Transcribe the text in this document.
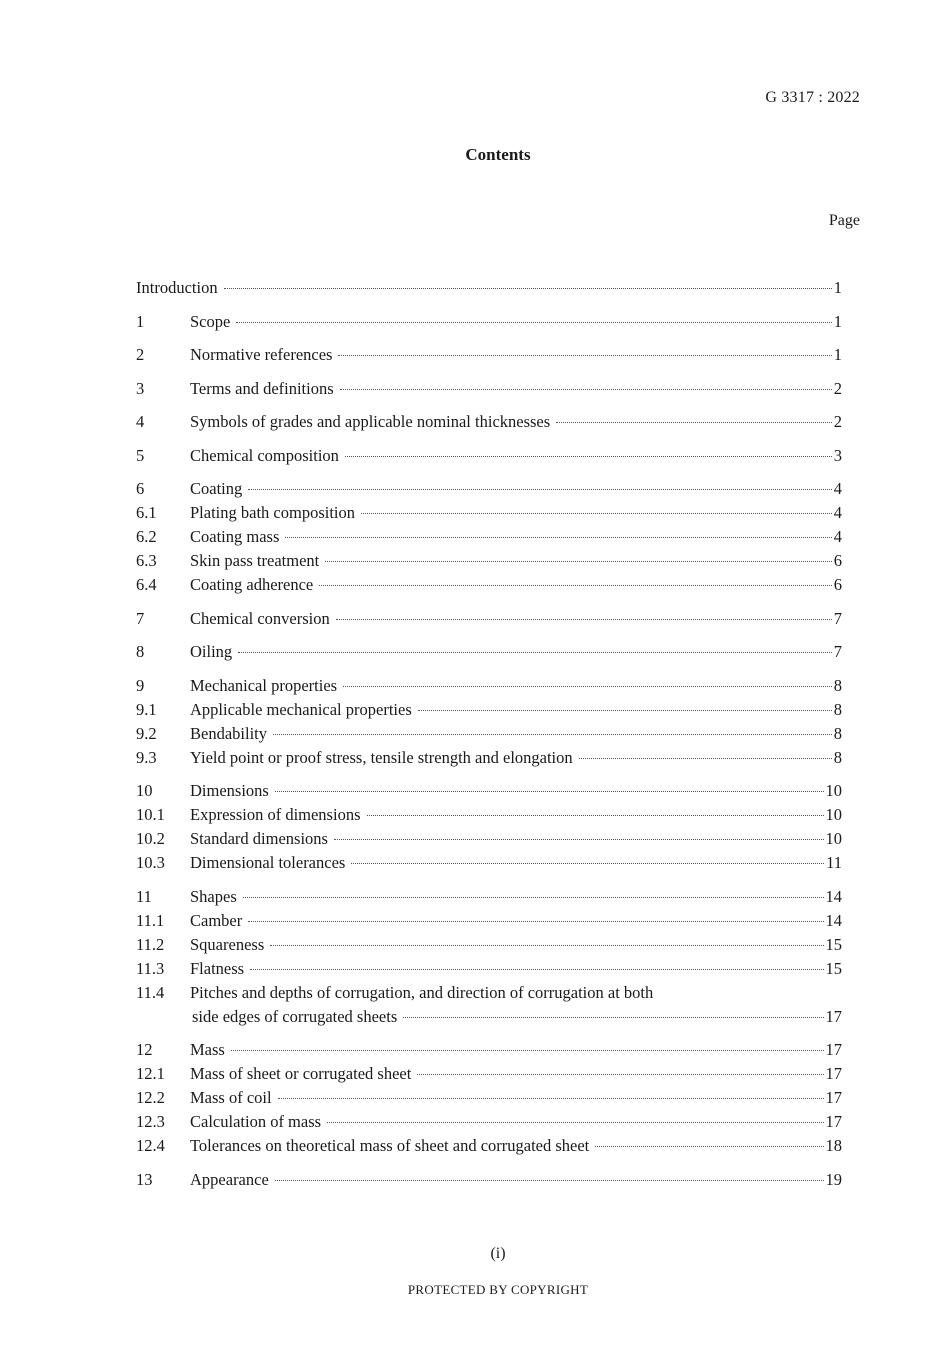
G 3317 : 2022
Contents
Page
Introduction	1
1	Scope	1
2	Normative references	1
3	Terms and definitions	2
4	Symbols of grades and applicable nominal thicknesses	2
5	Chemical composition	3
6	Coating	4
6.1	Plating bath composition	4
6.2	Coating mass	4
6.3	Skin pass treatment	6
6.4	Coating adherence	6
7	Chemical conversion	7
8	Oiling	7
9	Mechanical properties	8
9.1	Applicable mechanical properties	8
9.2	Bendability	8
9.3	Yield point or proof stress, tensile strength and elongation	8
10	Dimensions	10
10.1	Expression of dimensions	10
10.2	Standard dimensions	10
10.3	Dimensional tolerances	11
11	Shapes	14
11.1	Camber	14
11.2	Squareness	15
11.3	Flatness	15
11.4	Pitches and depths of corrugation, and direction of corrugation at both
side edges of corrugated sheets	17
12	Mass	17
12.1	Mass of sheet or corrugated sheet	17
12.2	Mass of coil	17
12.3	Calculation of mass	17
12.4	Tolerances on theoretical mass of sheet and corrugated sheet	18
13	Appearance	19
(i)
PROTECTED BY COPYRIGHT
